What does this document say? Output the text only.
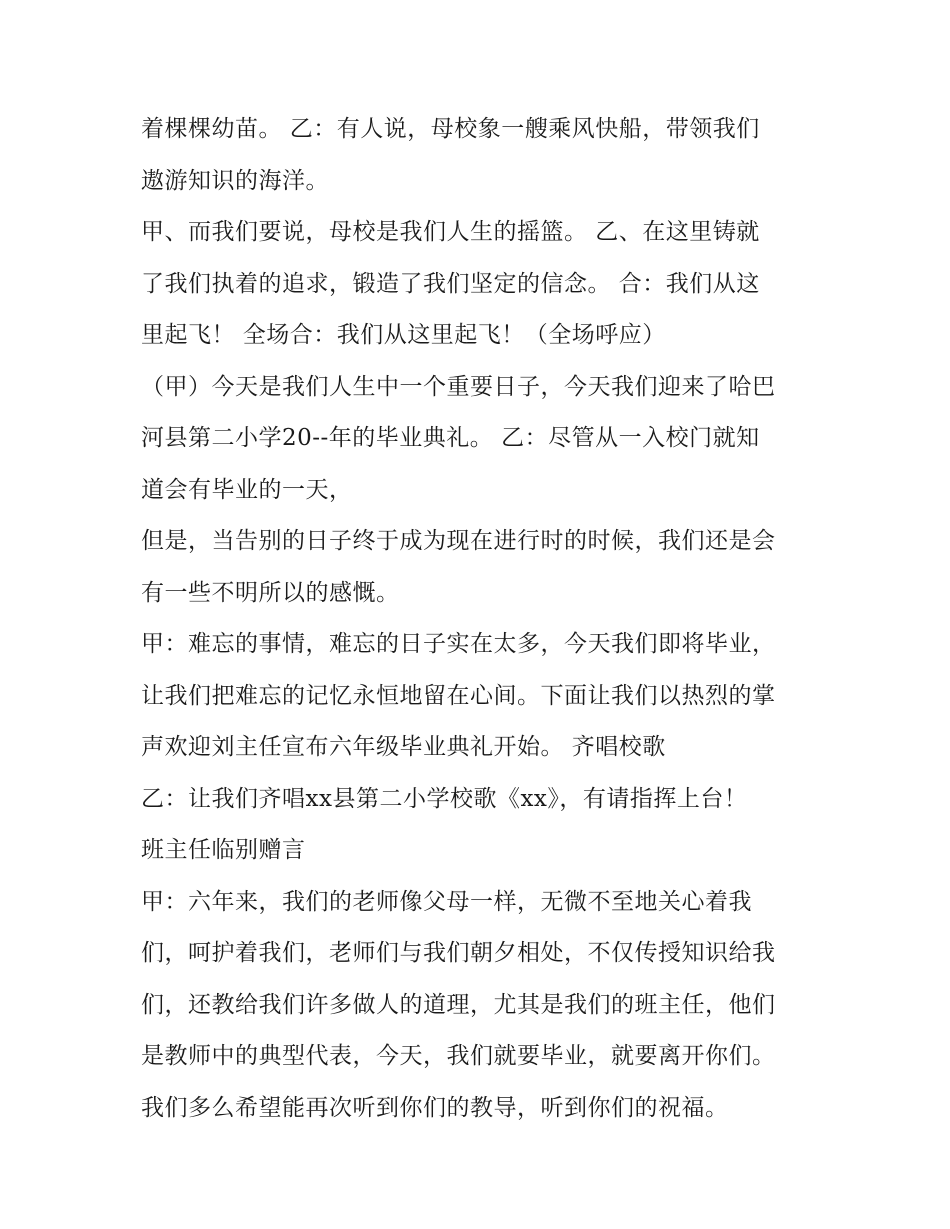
着棵棵幼苗。 乙：有人说，母校象一艘乘风快船，带领我们
遨游知识的海洋。
甲、而我们要说，母校是我们人生的摇篮。 乙、在这里铸就
了我们执着的追求，锻造了我们坚定的信念。 合：我们从这
里起飞！ 全场合：我们从这里起飞！（全场呼应）
（甲）今天是我们人生中一个重要日子，今天我们迎来了哈巴
河县第二小学20--年的毕业典礼。 乙：尽管从一入校门就知
道会有毕业的一天，
但是，当告别的日子终于成为现在进行时的时候，我们还是会
有一些不明所以的感慨。
甲：难忘的事情，难忘的日子实在太多，今天我们即将毕业，
让我们把难忘的记忆永恒地留在心间。下面让我们以热烈的掌
声欢迎刘主任宣布六年级毕业典礼开始。 齐唱校歌
乙：让我们齐唱xx县第二小学校歌《xx》，有请指挥上台！
班主任临别赠言
甲：六年来，我们的老师像父母一样，无微不至地关心着我
们，呵护着我们，老师们与我们朝夕相处，不仅传授知识给我
们，还教给我们许多做人的道理，尤其是我们的班主任，他们
是教师中的典型代表，今天，我们就要毕业，就要离开你们。
我们多么希望能再次听到你们的教导，听到你们的祝福。
